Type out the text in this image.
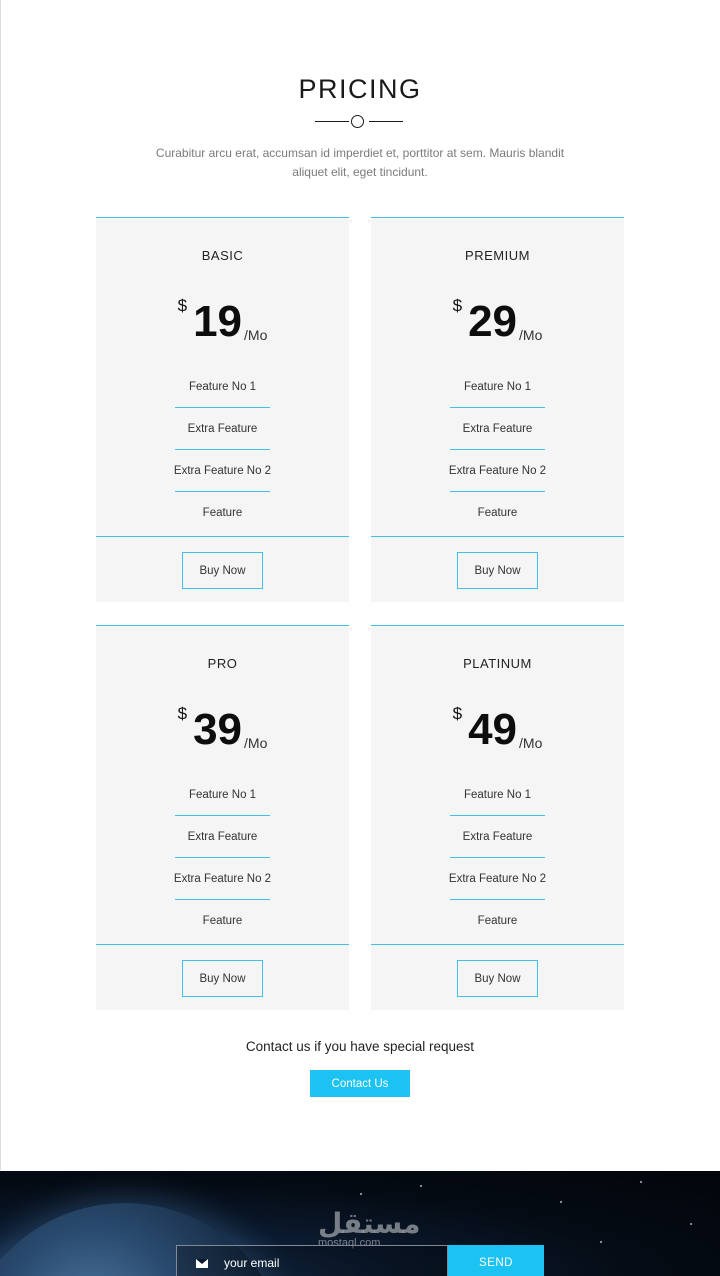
PRICING

Curabitur arcu erat, accumsan id imperdiet et, porttitor at sem. Mauris blandit aliquet elit, eget tincidunt.

BASIC
$ 19 /Mo
Feature No 1
Extra Feature
Extra Feature No 2
Feature
Buy Now
PREMIUM
$ 29 /Mo
Feature No 1
Extra Feature
Extra Feature No 2
Feature
Buy Now
PRO
$ 39 /Mo
Feature No 1
Extra Feature
Extra Feature No 2
Feature
Buy Now
PLATINUM
$ 49 /Mo
Feature No 1
Extra Feature
Extra Feature No 2
Feature
Buy Now
Contact us if you have special request
Contact Us
مستقل
mostaql.com
your email
SEND
